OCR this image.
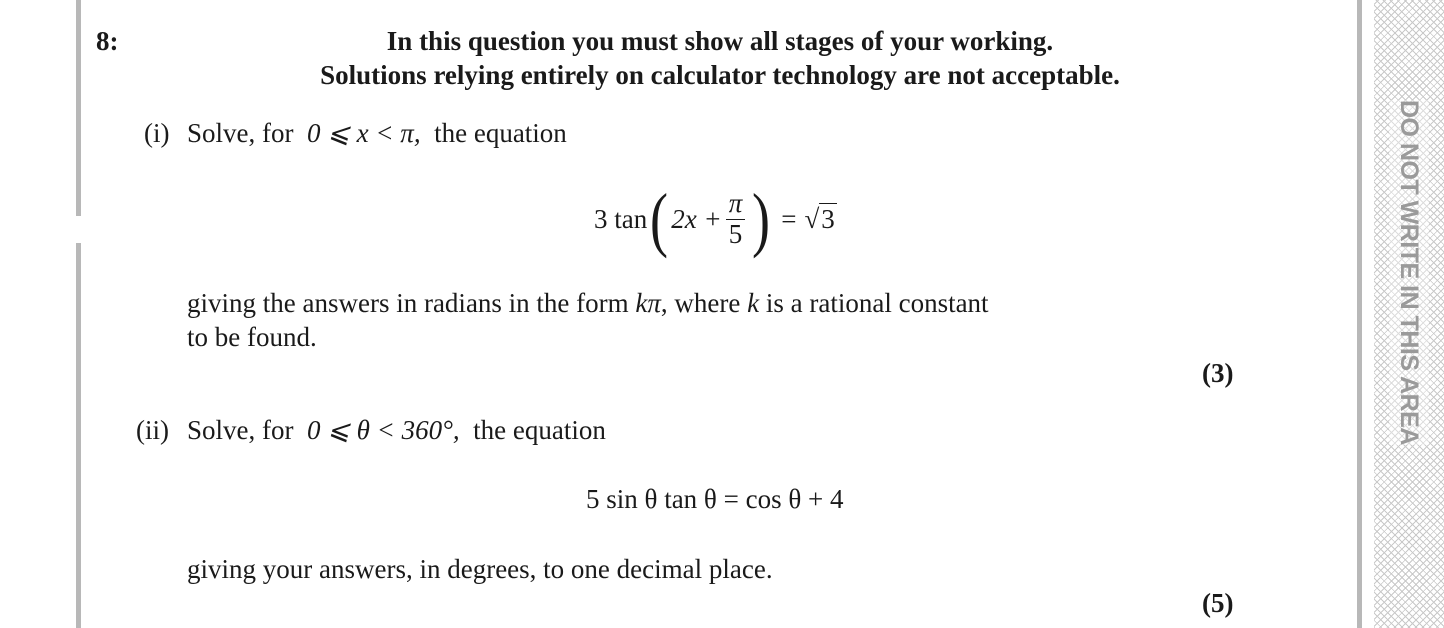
DO NOT WRITE IN THIS AREA
8:	In this question you must show all stages of your working.
Solutions relying entirely on calculator technology are not acceptable.
(i) Solve, for 0 ⩽ x < π, the equation
3 tan ( $2x + \frac{\pi}{5}$ ) = √ 3
giving the answers in radians in the form kπ, where k is a rational constant
to be found.
(3)
(ii) Solve, for 0 ⩽ θ < 360°, the equation
5 sin θ tan θ = cos θ + 4
giving your answers, in degrees, to one decimal place.
(5)
